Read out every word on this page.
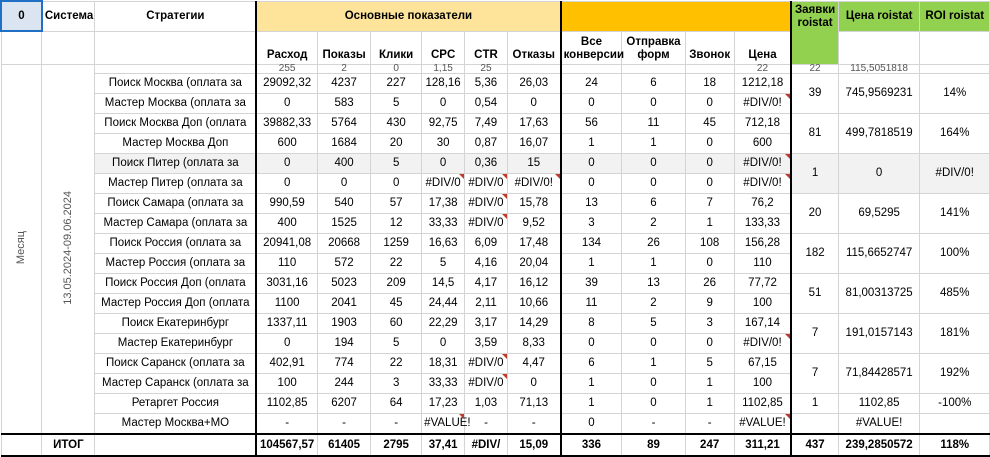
0	Система	Стратегии	Основные показатели										Заявки roistat	Цена roistat	ROI roistat
			Расход	Показы	Клики	CPC	CTR	Отказы	Все конверсии	Отправка форм	Звонок	Цена			
Месяц	13.05.2024-09.06.2024		255	2	0	1,15	25					22	22	115,5051818	
		Поиск Москва (оплата за	29092,32	4237	227	128,16	5,36	26,03	24	6	18	1212,18	39	745,9569231	14%
		Мастер Москва (оплата за	0	583	5	0	0,54	0	0	0	0	#DIV/0!			
		Поиск Москва Доп (оплата	39882,33	5764	430	92,75	7,49	17,63	56	11	45	712,18	81	499,7818519	164%
		Мастер Москва Доп	600	1684	20	30	0,87	16,07	1	1	0	600			
		Поиск Питер (оплата за	0	400	5	0	0,36	15	0	0	0	#DIV/0!	1	0	#DIV/0!
		Мастер Питер (оплата за	0	0	0	#DIV/0	#DIV/0	#DIV/0!	0	0	0	#DIV/0!			
		Поиск Самара (оплата за	990,59	540	57	17,38	#DIV/0	15,78	13	6	7	76,2	20	69,5295	141%
		Мастер Самара (оплата за	400	1525	12	33,33	#DIV/0	9,52	3	2	1	133,33			
		Поиск Россия (оплата за	20941,08	20668	1259	16,63	6,09	17,48	134	26	108	156,28	182	115,6652747	100%
		Мастер Россия (оплата за	110	572	22	5	4,16	20,04	1	1	0	110			
		Поиск Россия Доп (оплата	3031,16	5023	209	14,5	4,17	16,12	39	13	26	77,72	51	81,00313725	485%
		Мастер Россия Доп (оплата	1100	2041	45	24,44	2,11	10,66	11	2	9	100			
		Поиск Екатеринбург	1337,11	1903	60	22,29	3,17	14,29	8	5	3	167,14	7	191,0157143	181%
		Мастер Екатеринбург	0	194	5	0	3,59	8,33	0	0	0	#DIV/0!			
		Поиск Саранск (оплата за	402,91	774	22	18,31	#DIV/0	4,47	6	1	5	67,15	7	71,84428571	192%
		Мастер Саранск (оплата за	100	244	3	33,33	#DIV/0	0	1	0	1	100			
		Ретаргет Россия	1102,85	6207	64	17,23	1,03	71,13	1	0	1	1102,85	1	1102,85	-100%
		Мастер Москва+МО	-	-	-	#VALUE!	-	-	0	-	-	#VALUE!		#VALUE!	
	ИТОГ		104567,57	61405	2795	37,41	#DIV/	15,09	336	89	247	311,21	437	239,2850572	118%
